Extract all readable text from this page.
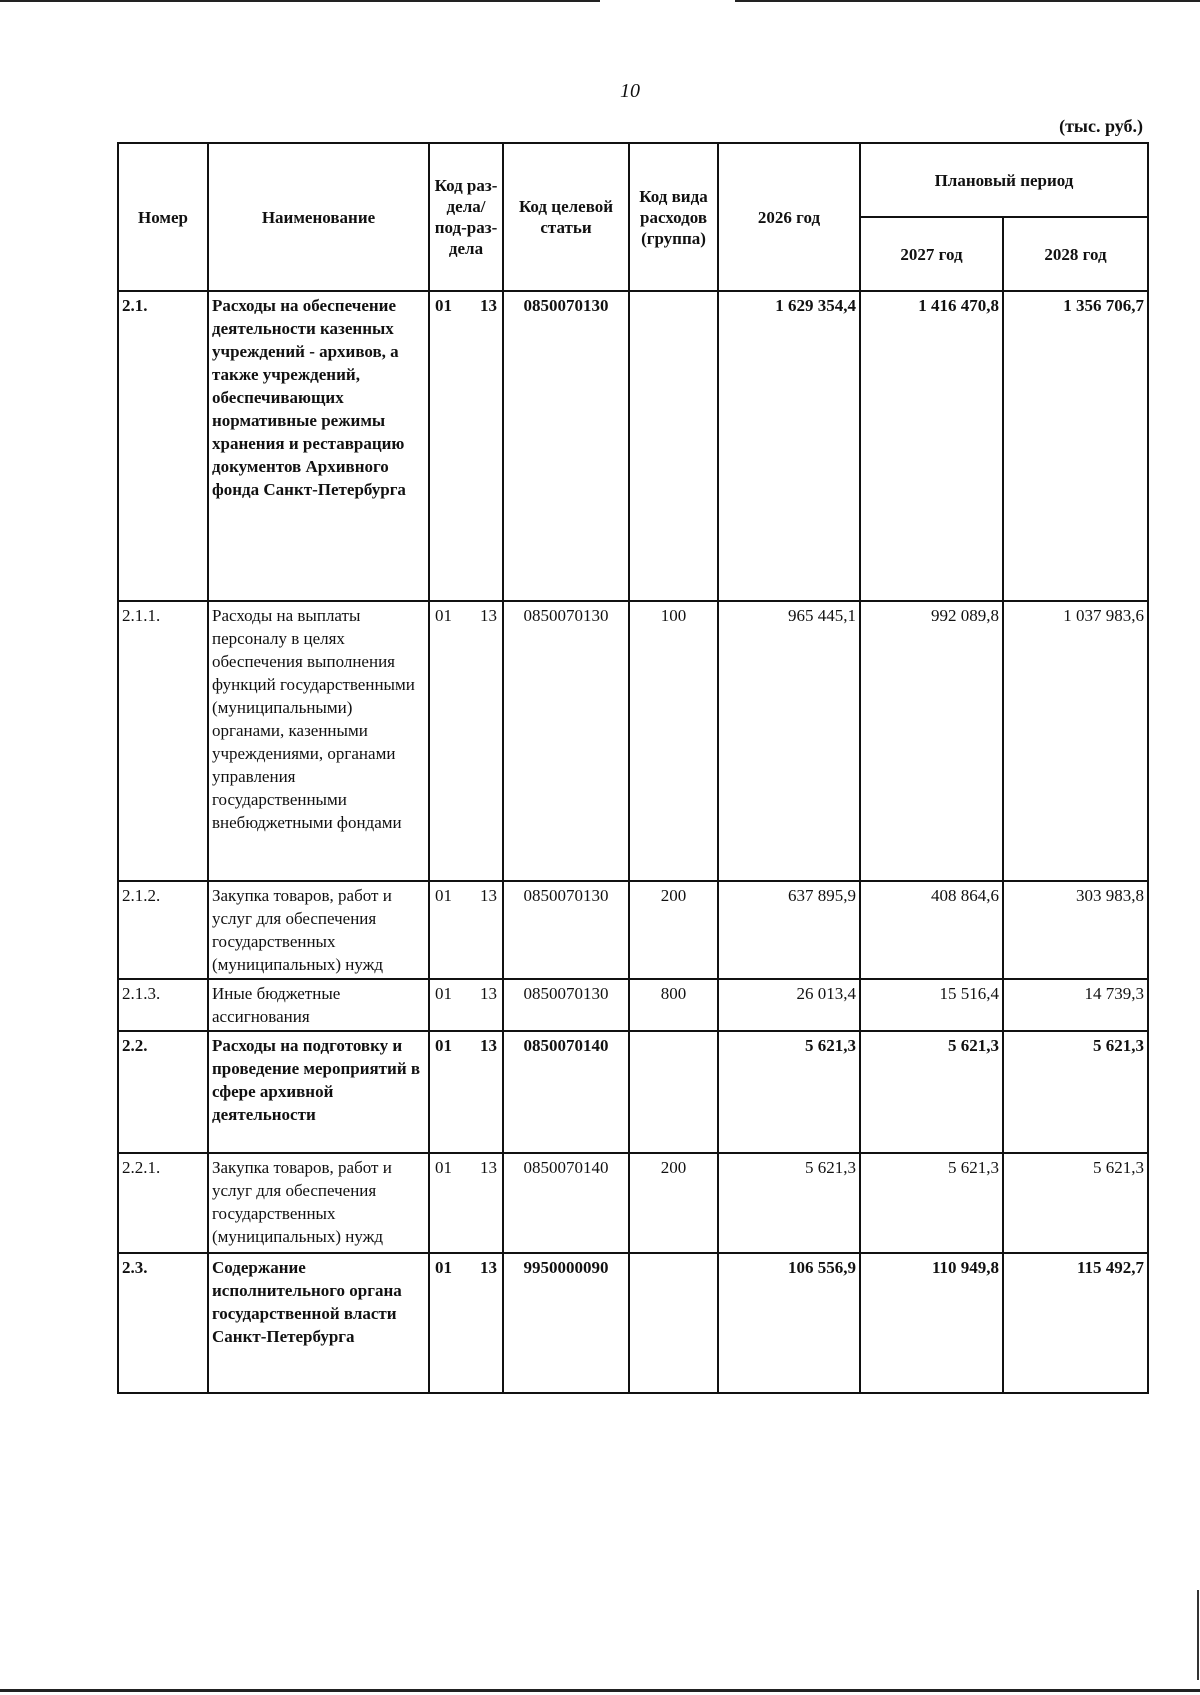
10
(тыс. руб.)
Номер	Наименование	Код раз-дела/ под-раз-дела	Код целевой статьи	Код вида расходов (группа)	2026 год	Плановый период	
						2027 год	2028 год
2.1.	Расходы на обеспечение деятельности казенных учреждений - архивов, а также учреждений, обеспечивающих нормативные режимы хранения и реставрацию документов Архивного фонда Санкт-Петербурга	01 13	0850070130		1 629 354,4	1 416 470,8	1 356 706,7
2.1.1.	Расходы на выплаты персоналу в целях обеспечения выполнения функций государственными (муниципальными) органами, казенными учреждениями, органами управления государственными внебюджетными фондами	01 13	0850070130	100	965 445,1	992 089,8	1 037 983,6
2.1.2.	Закупка товаров, работ и услуг для обеспечения государственных (муниципальных) нужд	01 13	0850070130	200	637 895,9	408 864,6	303 983,8
2.1.3.	Иные бюджетные ассигнования	01 13	0850070130	800	26 013,4	15 516,4	14 739,3
2.2.	Расходы на подготовку и проведение мероприятий в сфере архивной деятельности	01 13	0850070140		5 621,3	5 621,3	5 621,3
2.2.1.	Закупка товаров, работ и услуг для обеспечения государственных (муниципальных) нужд	01 13	0850070140	200	5 621,3	5 621,3	5 621,3
2.3.	Содержание исполнительного органа государственной власти Санкт-Петербурга	01 13	9950000090		106 556,9	110 949,8	115 492,7
